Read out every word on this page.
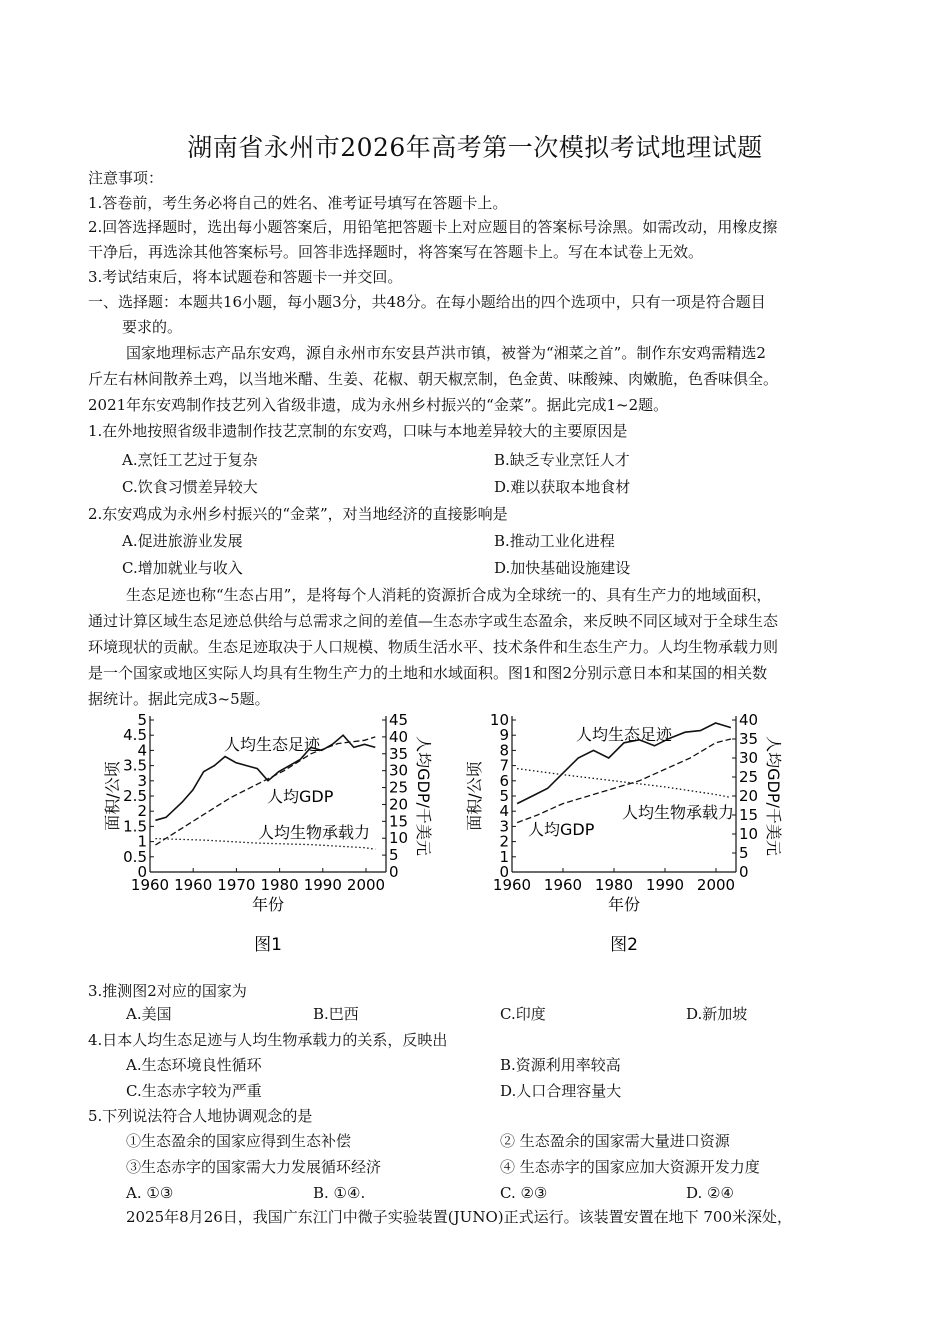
湖南省永州市2026年高考第一次模拟考试地理试题
注意事项：
1.答卷前，考生务必将自己的姓名、准考证号填写在答题卡上。
2.回答选择题时，选出每小题答案后，用铅笔把答题卡上对应题目的答案标号涂黑。如需改动，用橡皮擦
干净后，再选涂其他答案标号。回答非选择题时，将答案写在答题卡上。写在本试卷上无效。
3.考试结束后，将本试题卷和答题卡一并交回。
一、选择题：本题共16小题，每小题3分，共48分。在每小题给出的四个选项中，只有一项是符合题目
要求的。
国家地理标志产品东安鸡，源自永州市东安县芦洪市镇，被誉为“湘菜之首”。制作东安鸡需精选2
斤左右林间散养土鸡，以当地米醋、生姜、花椒、朝天椒烹制，色金黄、味酸辣、肉嫩脆，色香味俱全。
2021年东安鸡制作技艺列入省级非遗，成为永州乡村振兴的“金菜”。据此完成1~2题。
1.在外地按照省级非遗制作技艺烹制的东安鸡，口味与本地差异较大的主要原因是
A.烹饪工艺过于复杂	B.缺乏专业烹饪人才
C.饮食习惯差异较大	D.难以获取本地食材
2.东安鸡成为永州乡村振兴的“金菜”，对当地经济的直接影响是
A.促进旅游业发展	B.推动工业化进程
C.增加就业与收入	D.加快基础设施建设
生态足迹也称“生态占用”，是将每个人消耗的资源折合成为全球统一的、具有生产力的地域面积，
通过计算区域生态足迹总供给与总需求之间的差值—生态赤字或生态盈余，来反映不同区域对于全球生态
环境现状的贡献。生态足迹取决于人口规模、物质生活水平、技术条件和生态生产力。人均生物承载力则
是一个国家或地区实际人均具有生物生产力的土地和水域面积。图1和图2分别示意日本和某国的相关数
据统计。据此完成3~5题。
0
0.5
1
1.5
2
2.5
3
3.5
4
4.5
5
0
5
10
15
20
25
30
35
40
45
1960 1960 1970 1980 1990 2000
年份
面积/公顷	人均GDP/千美元
人均生态足迹
人均GDP
人均生物承载力
图1
0
1
2
3
4
5
6
7
8
9
10
0
5
10
15
20
25
30
35
40
1960 1960 1980 1990 2000
年份
面积/公顷	人均GDP/千美元
人均生态足迹
人均生物承载力
人均GDP
图2
3.推测图2对应的国家为
A.美国	B.巴西	C.印度	D.新加坡
4.日本人均生态足迹与人均生物承载力的关系，反映出
A.生态环境良性循环	B.资源利用率较高
C.生态赤字较为严重	D.人口合理容量大
5.下列说法符合人地协调观念的是
①生态盈余的国家应得到生态补偿	② 生态盈余的国家需大量进口资源
③生态赤字的国家需大力发展循环经济	④ 生态赤字的国家应加大资源开发力度
A. ①③	B. ①④.	C. ②③	D. ②④
2025年8月26日，我国广东江门中微子实验装置(JUNO)正式运行。该装置安置在地下 700米深处，
